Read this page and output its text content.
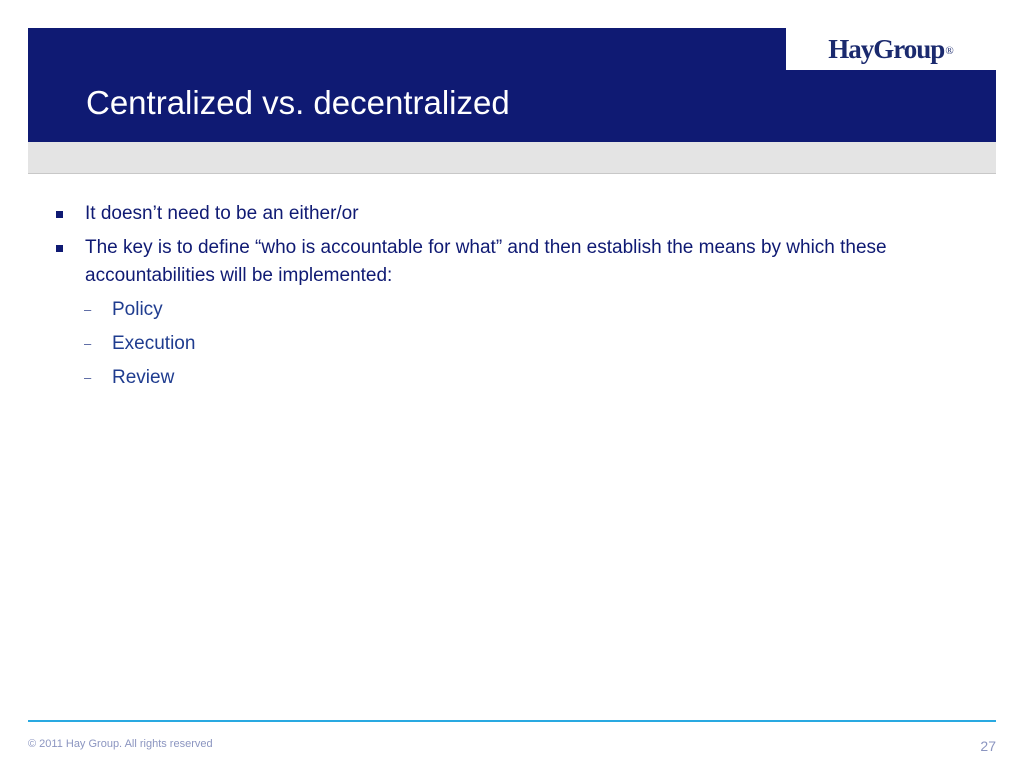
HayGroup ®
Centralized vs. decentralized
It doesn’t need to be an either/or
The key is to define “who is accountable for what” and then establish the means by which these accountabilities will be implemented:
– Policy
– Execution
– Review
© 2011 Hay Group. All rights reserved	27
